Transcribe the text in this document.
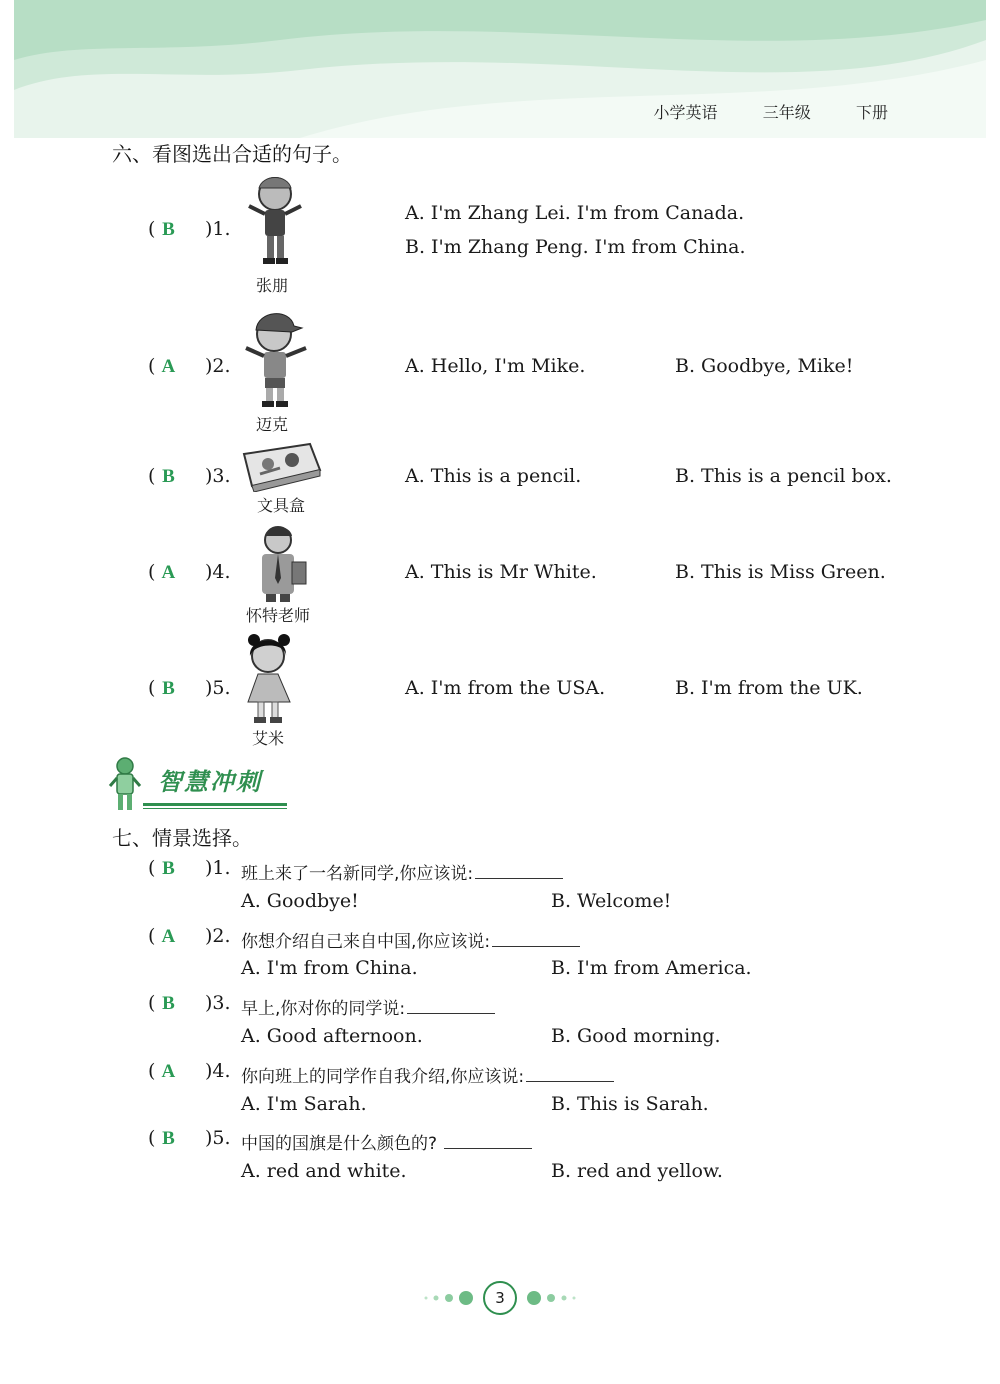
小学英语   三年级   下册
六、看图选出合适的句子。
( B	)1.
张朋
A. I'm Zhang Lei. I'm from Canada.
B. I'm Zhang Peng. I'm from China.
( A	)2.
迈克
A. Hello, I'm Mike.	B. Goodbye, Mike!
( B	)3.
文具盒
A. This is a pencil.	B. This is a pencil box.
( A	)4.
怀特老师
A. This is Mr White.	B. This is Miss Green.
( B	)5.
艾米
A. I'm from the USA.	B. I'm from the UK.
智慧冲刺
七、情景选择。
( B	)1. 班上来了一名新同学,你应该说:
A. Goodbye!	B. Welcome!
( A	)2. 你想介绍自己来自中国,你应该说:
A. I'm from China.	B. I'm from America.
( B	)3. 早上,你对你的同学说:
A. Good afternoon.	B. Good morning.
( A	)4. 你向班上的同学作自我介绍,你应该说:
A. I'm Sarah.	B. This is Sarah.
( B	)5. 中国的国旗是什么颜色的?
A. red and white.	B. red and yellow.
3
